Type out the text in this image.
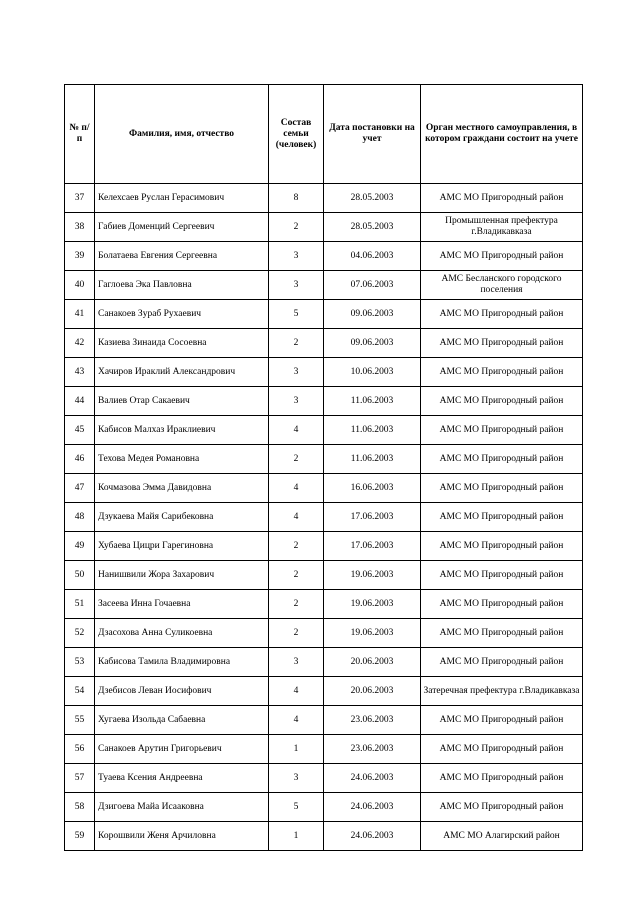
№ п/п	Фамилия, имя, отчество	Состав семьи (человек)	Дата постановки на учет	Орган местного самоуправления, в котором граждани состоит на учете
37	Келехсаев Руслан Герасимович	8	28.05.2003	АМС МО Пригородный район
38	Габиев Доменций Сергеевич	2	28.05.2003	Промышленная префектура г.Владикавказа
39	Болатаева Евгения Сергеевна	3	04.06.2003	АМС МО Пригородный район
40	Гаглоева Эка Павловна	3	07.06.2003	АМС Бесланского городского поселения
41	Санакоев Зураб Рухаевич	5	09.06.2003	АМС МО Пригородный район
42	Казиева Зинаида Сосоевна	2	09.06.2003	АМС МО Пригородный район
43	Хачиров Ираклий Александрович	3	10.06.2003	АМС МО Пригородный район
44	Валиев Отар Сакаевич	3	11.06.2003	АМС МО Пригородный район
45	Кабисов Малхаз Ираклиевич	4	11.06.2003	АМС МО Пригородный район
46	Техова Медея Романовна	2	11.06.2003	АМС МО Пригородный район
47	Кочмазова Эмма Давидовна	4	16.06.2003	АМС МО Пригородный район
48	Дзукаева Майя Сарибековна	4	17.06.2003	АМС МО Пригородный район
49	Хубаева Цицри Гарегиновна	2	17.06.2003	АМС МО Пригородный район
50	Нанишвили Жора Захарович	2	19.06.2003	АМС МО Пригородный район
51	Засеева Инна Гочаевна	2	19.06.2003	АМС МО Пригородный район
52	Дзасохова Анна Суликоевна	2	19.06.2003	АМС МО Пригородный район
53	Кабисова Тамила Владимировна	3	20.06.2003	АМС МО Пригородный район
54	Дзебисов Леван Иосифович	4	20.06.2003	Затеречная префектура г.Владикавказа
55	Хугаева Изольда Сабаевна	4	23.06.2003	АМС МО Пригородный район
56	Санакоев Арутин Григорьевич	1	23.06.2003	АМС МО Пригородный район
57	Туаева Ксения Андреевна	3	24.06.2003	АМС МО Пригородный район
58	Дзигоева Майа Исааковна	5	24.06.2003	АМС МО Пригородный район
59	Корошвили Женя Арчиловна	1	24.06.2003	АМС МО Алагирский район
